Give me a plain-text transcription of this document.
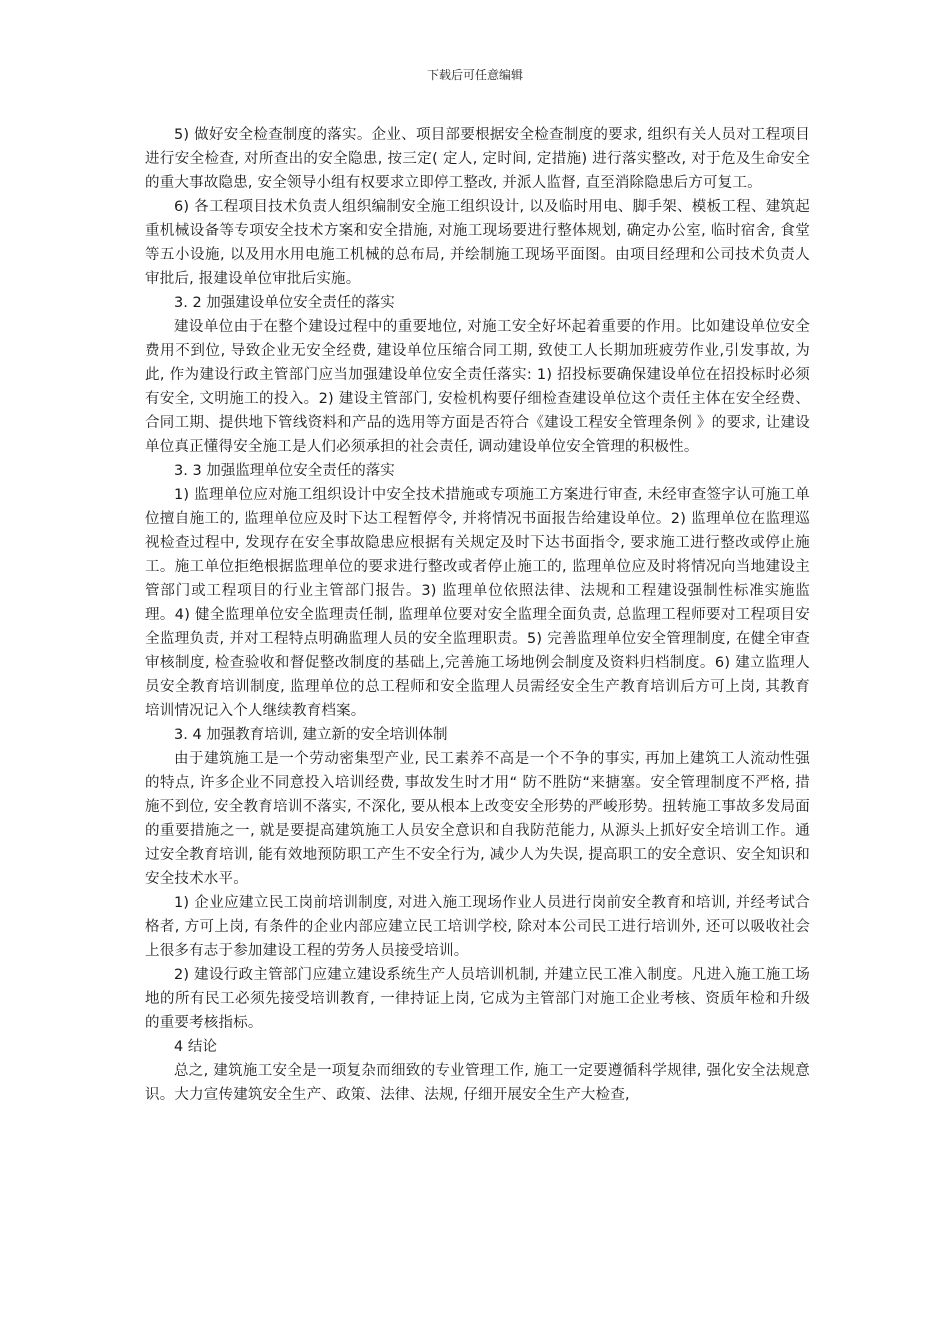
下载后可任意编辑

5) 做好安全检查制度的落实。企业、项目部要根据安全检查制度的要求, 组织有关人员对工程项目进行安全检查, 对所查出的安全隐患, 按三定( 定人, 定时间, 定措施) 进行落实整改, 对于危及生命安全的重大事故隐患, 安全领导小组有权要求立即停工整改, 并派人监督, 直至消除隐患后方可复工。

6) 各工程项目技术负责人组织编制安全施工组织设计, 以及临时用电、脚手架、模板工程、建筑起重机械设备等专项安全技术方案和安全措施, 对施工现场要进行整体规划, 确定办公室, 临时宿舍, 食堂等五小设施, 以及用水用电施工机械的总布局, 并绘制施工现场平面图。由项目经理和公司技术负责人审批后, 报建设单位审批后实施。

3. 2 加强建设单位安全责任的落实

建设单位由于在整个建设过程中的重要地位, 对施工安全好坏起着重要的作用。比如建设单位安全费用不到位, 导致企业无安全经费, 建设单位压缩合同工期, 致使工人长期加班疲劳作业,引发事故, 为此, 作为建设行政主管部门应当加强建设单位安全责任落实: 1) 招投标要确保建设单位在招投标时必须有安全, 文明施工的投入。2) 建设主管部门, 安检机构要仔细检查建设单位这个责任主体在安全经费、合同工期、提供地下管线资料和产品的选用等方面是否符合《建设工程安全管理条例 》的要求, 让建设单位真正懂得安全施工是人们必须承担的社会责任, 调动建设单位安全管理的积极性。

3. 3 加强监理单位安全责任的落实

1) 监理单位应对施工组织设计中安全技术措施或专项施工方案进行审查, 未经审查签字认可施工单位擅自施工的, 监理单位应及时下达工程暂停令, 并将情况书面报告给建设单位。2) 监理单位在监理巡视检查过程中, 发现存在安全事故隐患应根据有关规定及时下达书面指令, 要求施工进行整改或停止施工。施工单位拒绝根据监理单位的要求进行整改或者停止施工的, 监理单位应及时将情况向当地建设主管部门或工程项目的行业主管部门报告。3) 监理单位依照法律、法规和工程建设强制性标准实施监理。4) 健全监理单位安全监理责任制, 监理单位要对安全监理全面负责, 总监理工程师要对工程项目安全监理负责, 并对工程特点明确监理人员的安全监理职责。5) 完善监理单位安全管理制度, 在健全审查审核制度, 检查验收和督促整改制度的基础上,完善施工场地例会制度及资料归档制度。6) 建立监理人员安全教育培训制度, 监理单位的总工程师和安全监理人员需经安全生产教育培训后方可上岗, 其教育培训情况记入个人继续教育档案。

3. 4 加强教育培训, 建立新的安全培训体制

由于建筑施工是一个劳动密集型产业, 民工素养不高是一个不争的事实, 再加上建筑工人流动性强的特点, 许多企业不同意投入培训经费, 事故发生时才用“ 防不胜防“来搪塞。安全管理制度不严格, 措施不到位, 安全教育培训不落实, 不深化, 要从根本上改变安全形势的严峻形势。扭转施工事故多发局面的重要措施之一, 就是要提高建筑施工人员安全意识和自我防范能力, 从源头上抓好安全培训工作。通过安全教育培训, 能有效地预防职工产生不安全行为, 减少人为失误, 提高职工的安全意识、安全知识和安全技术水平。

1) 企业应建立民工岗前培训制度, 对进入施工现场作业人员进行岗前安全教育和培训, 并经考试合格者, 方可上岗, 有条件的企业内部应建立民工培训学校, 除对本公司民工进行培训外, 还可以吸收社会上很多有志于参加建设工程的劳务人员接受培训。

2) 建设行政主管部门应建立建设系统生产人员培训机制, 并建立民工准入制度。凡进入施工施工场地的所有民工必须先接受培训教育, 一律持证上岗, 它成为主管部门对施工企业考核、资质年检和升级的重要考核指标。

4 结论

总之, 建筑施工安全是一项复杂而细致的专业管理工作, 施工一定要遵循科学规律, 强化安全法规意识。大力宣传建筑安全生产、政策、法律、法规, 仔细开展安全生产大检查,
